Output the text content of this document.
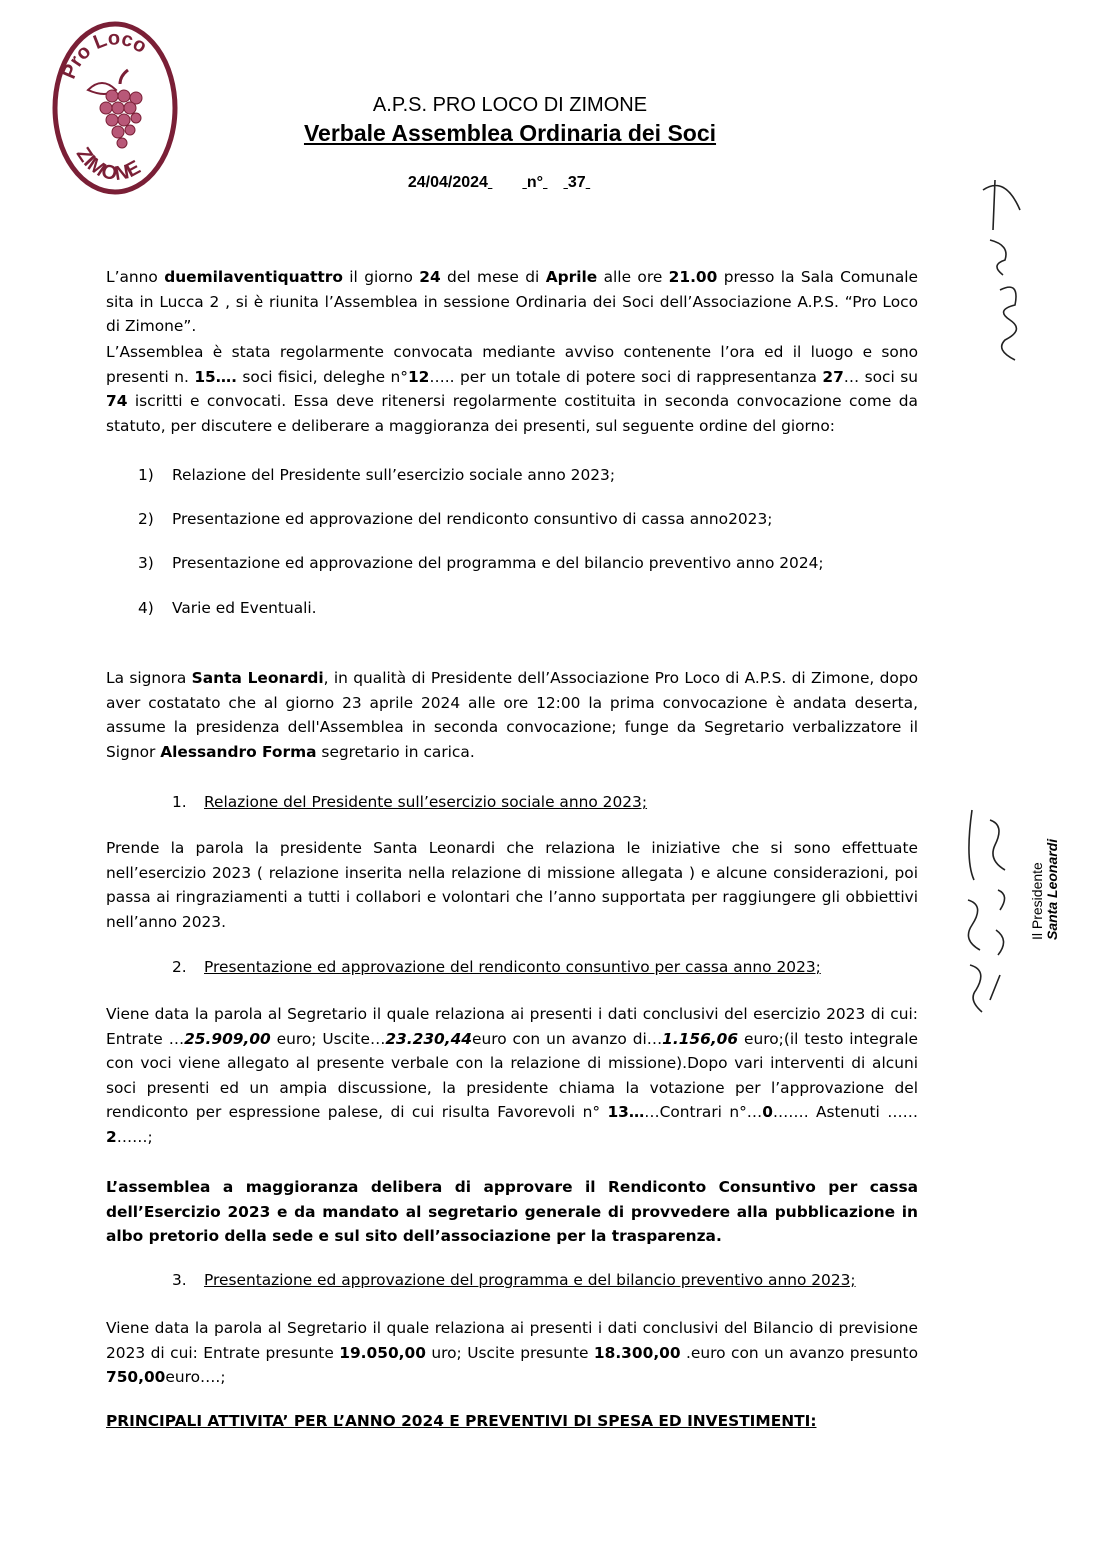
Pro Loco
ZIMONE
A.P.S. PRO LOCO DI ZIMONE
Verbale Assemblea Ordinaria dei Soci
24/04/2024 n° 37
L’anno duemilaventiquattro il giorno 24 del mese di Aprile alle ore 21.00 presso la Sala Comunale sita in Lucca 2 , si è riunita l’Assemblea in sessione Ordinaria dei Soci dell’Associazione A.P.S. “Pro Loco di Zimone”.
L’Assemblea è stata regolarmente convocata mediante avviso contenente l’ora ed il luogo e sono presenti n. 15…. soci fisici, deleghe n°12….. per un totale di potere soci di rappresentanza 27… soci su 74 iscritti e convocati. Essa deve ritenersi regolarmente costituita in seconda convocazione come da statuto, per discutere e deliberare a maggioranza dei presenti, sul seguente ordine del giorno:
1) Relazione del Presidente sull’esercizio sociale anno 2023;
2) Presentazione ed approvazione del rendiconto consuntivo di cassa anno2023;
3) Presentazione ed approvazione del programma e del bilancio preventivo anno 2024;
4) Varie ed Eventuali.
La signora Santa Leonardi, in qualità di Presidente dell’Associazione Pro Loco di A.P.S. di Zimone, dopo aver costatato che al giorno 23 aprile 2024 alle ore 12:00 la prima convocazione è andata deserta, assume la presidenza dell'Assemblea in seconda convocazione; funge da Segretario verbalizzatore il Signor Alessandro Forma segretario in carica.
1. Relazione del Presidente sull’esercizio sociale anno 2023;
Prende la parola la presidente Santa Leonardi che relaziona le iniziative che si sono effettuate nell’esercizio 2023 ( relazione inserita nella relazione di missione allegata ) e alcune considerazioni, poi passa ai ringraziamenti a tutti i collabori e volontari che l’anno supportata per raggiungere gli obbiettivi nell’anno 2023.	Il Presidente Santa Leonardi
2. Presentazione ed approvazione del rendiconto consuntivo per cassa anno 2023;
Viene data la parola al Segretario il quale relaziona ai presenti i dati conclusivi del esercizio 2023 di cui: Entrate …25.909,00 euro; Uscite…23.230,44euro con un avanzo di…1.156,06 euro;(il testo integrale con voci viene allegato al presente verbale con la relazione di missione).Dopo vari interventi di alcuni soci presenti ed un ampia discussione, la presidente chiama la votazione per l’approvazione del rendiconto per espressione palese, di cui risulta Favorevoli n° 13……Contrari n°…0……. Astenuti ……2……;
L’assemblea a maggioranza delibera di approvare il Rendiconto Consuntivo per cassa dell’Esercizio 2023 e da mandato al segretario generale di provvedere alla pubblicazione in albo pretorio della sede e sul sito dell’associazione per la trasparenza.
3. Presentazione ed approvazione del programma e del bilancio preventivo anno 2023;
Viene data la parola al Segretario il quale relaziona ai presenti i dati conclusivi del Bilancio di previsione 2023 di cui: Entrate presunte 19.050,00 uro; Uscite presunte 18.300,00 .euro con un avanzo presunto 750,00euro….;
PRINCIPALI ATTIVITA’ PER L’ANNO 2024 E PREVENTIVI DI SPESA ED INVESTIMENTI:
